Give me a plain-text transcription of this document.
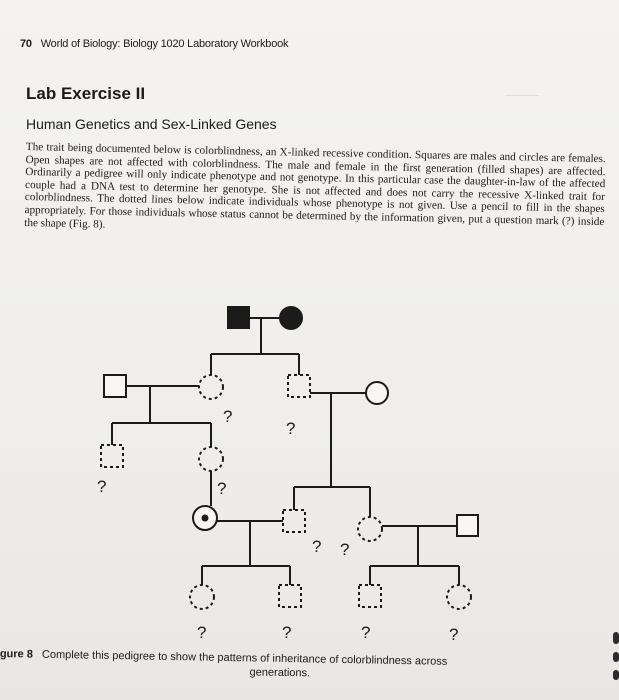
────
70 World of Biology: Biology 1020 Laboratory Workbook
Lab Exercise II
Human Genetics and Sex-Linked Genes
The trait being documented below is colorblindness, an X-linked recessive condition. Squares are males and circles are females. Open shapes are not affected with colorblindness. The male and female in the first generation (filled shapes) are affected. Ordinarily a pedigree will only indicate phenotype and not genotype. In this particular case the daughter-in-law of the affected couple had a DNA test to determine her genotype. She is not affected and does not carry the recessive X-linked trait for colorblindness. The dotted lines below indicate individuals whose phenotype is not given. Use a pencil to fill in the shapes appropriately. For those individuals whose status cannot be determined by the information given, put a question mark (?) inside the shape (Fig. 8).
?
?
?	?
? ?
?	?	?	?
gure 8 Complete this pedigree to show the patterns of inheritance of colorblindness across
generations.
